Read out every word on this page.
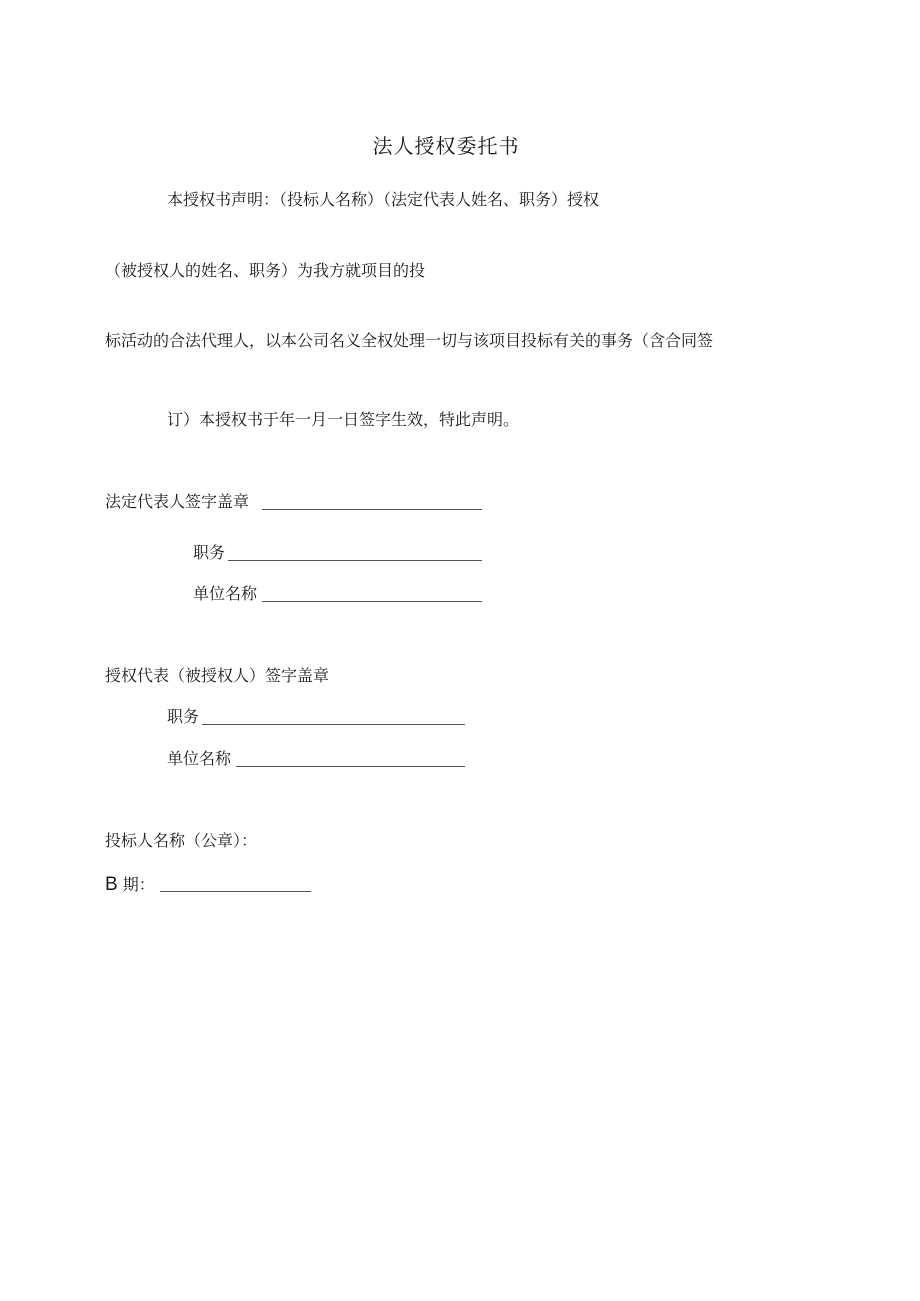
法人授权委托书
本授权书声明：（投标人名称）（法定代表人姓名、职务）授权
（被授权人的姓名、职务）为我方就项目的投
标活动的合法代理人，以本公司名义全权处理一切与该项目投标有关的事务（含合同签
订）本授权书于年一月一日签字生效，特此声明。
法定代表人签字盖章
职务
单位名称
授权代表（被授权人）签字盖章
职务
单位名称
投标人名称（公章）：
B 期：
